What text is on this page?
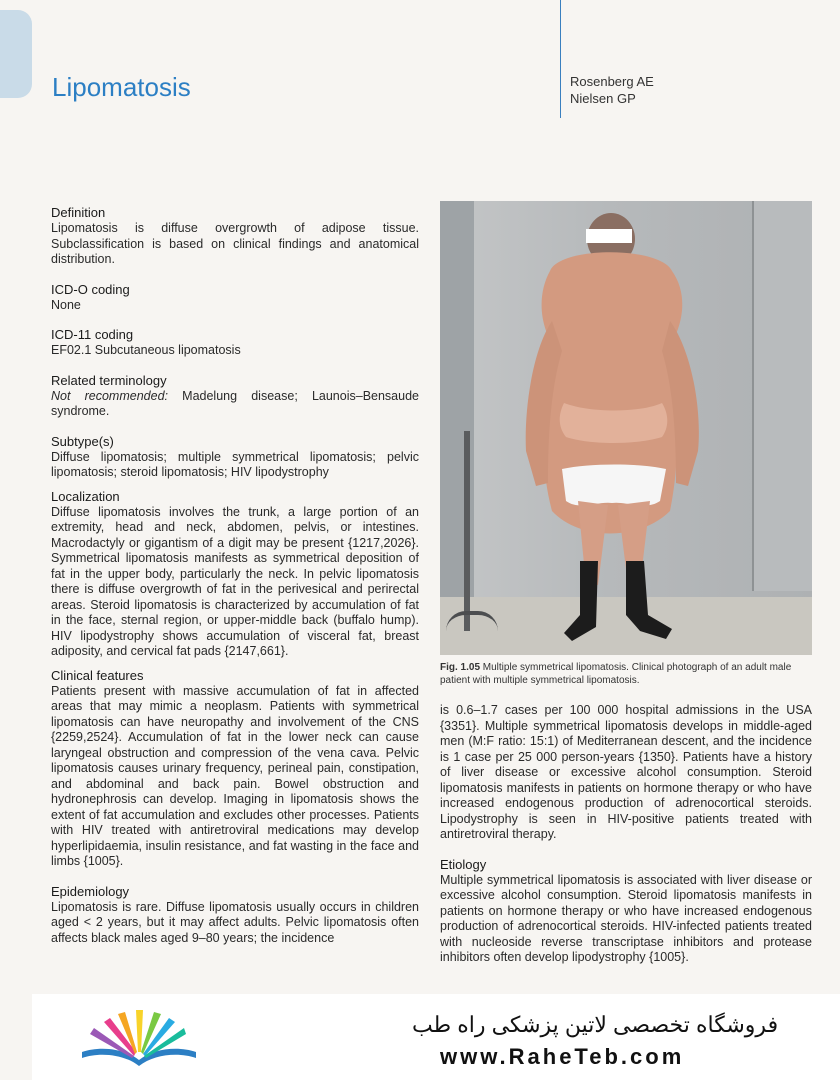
Lipomatosis	Rosenberg AE
Nielsen GP
Definition

Lipomatosis is diffuse overgrowth of adipose tissue. Subclassification is based on clinical findings and anatomical distribution.

ICD-O coding

None

ICD-11 coding

EF02.1 Subcutaneous lipomatosis

Related terminology

Not recommended: Madelung disease; Launois–Bensaude syndrome.

Subtype(s)

Diffuse lipomatosis; multiple symmetrical lipomatosis; pelvic lipomatosis; steroid lipomatosis; HIV lipodystrophy

Localization

Diffuse lipomatosis involves the trunk, a large portion of an extremity, head and neck, abdomen, pelvis, or intestines. Macrodactyly or gigantism of a digit may be present {1217,2026}. Symmetrical lipomatosis manifests as symmetrical deposition of fat in the upper body, particularly the neck. In pelvic lipomatosis there is diffuse overgrowth of fat in the perivesical and perirectal areas. Steroid lipomatosis is characterized by accumulation of fat in the face, sternal region, or upper-middle back (buffalo hump). HIV lipodystrophy shows accumulation of visceral fat, breast adiposity, and cervical fat pads {2147,661}.

Clinical features

Patients present with massive accumulation of fat in affected areas that may mimic a neoplasm. Patients with symmetrical lipomatosis can have neuropathy and involvement of the CNS {2259,2524}. Accumulation of fat in the lower neck can cause laryngeal obstruction and compression of the vena cava. Pelvic lipomatosis causes urinary frequency, perineal pain, constipation, and abdominal and back pain. Bowel obstruction and hydronephrosis can develop. Imaging in lipomatosis shows the extent of fat accumulation and excludes other processes. Patients with HIV treated with antiretroviral medications may develop hyperlipidaemia, insulin resistance, and fat wasting in the face and limbs {1005}.

Epidemiology

Lipomatosis is rare. Diffuse lipomatosis usually occurs in children aged < 2 years, but it may affect adults. Pelvic lipomatosis often affects black males aged 9–80 years; the incidence

Fig. 1.05 Multiple symmetrical lipomatosis. Clinical photograph of an adult male patient with multiple symmetrical lipomatosis.

is 0.6–1.7 cases per 100 000 hospital admissions in the USA {3351}. Multiple symmetrical lipomatosis develops in middle-aged men (M:F ratio: 15:1) of Mediterranean descent, and the incidence is 1 case per 25 000 person-years {1350}. Patients have a history of liver disease or excessive alcohol consumption. Steroid lipomatosis manifests in patients on hormone therapy or who have increased endogenous production of adrenocortical steroids. Lipodystrophy is seen in HIV-positive patients treated with antiretroviral therapy.

Etiology

Multiple symmetrical lipomatosis is associated with liver disease or excessive alcohol consumption. Steroid lipomatosis manifests in patients on hormone therapy or who have increased endogenous production of adrenocortical steroids. HIV-infected patients treated with nucleoside reverse transcriptase inhibitors and protease inhibitors often develop lipodystrophy {1005}.

فروشگاه تخصصی لاتین پزشکی راه طب
www.RaheTeb.com
